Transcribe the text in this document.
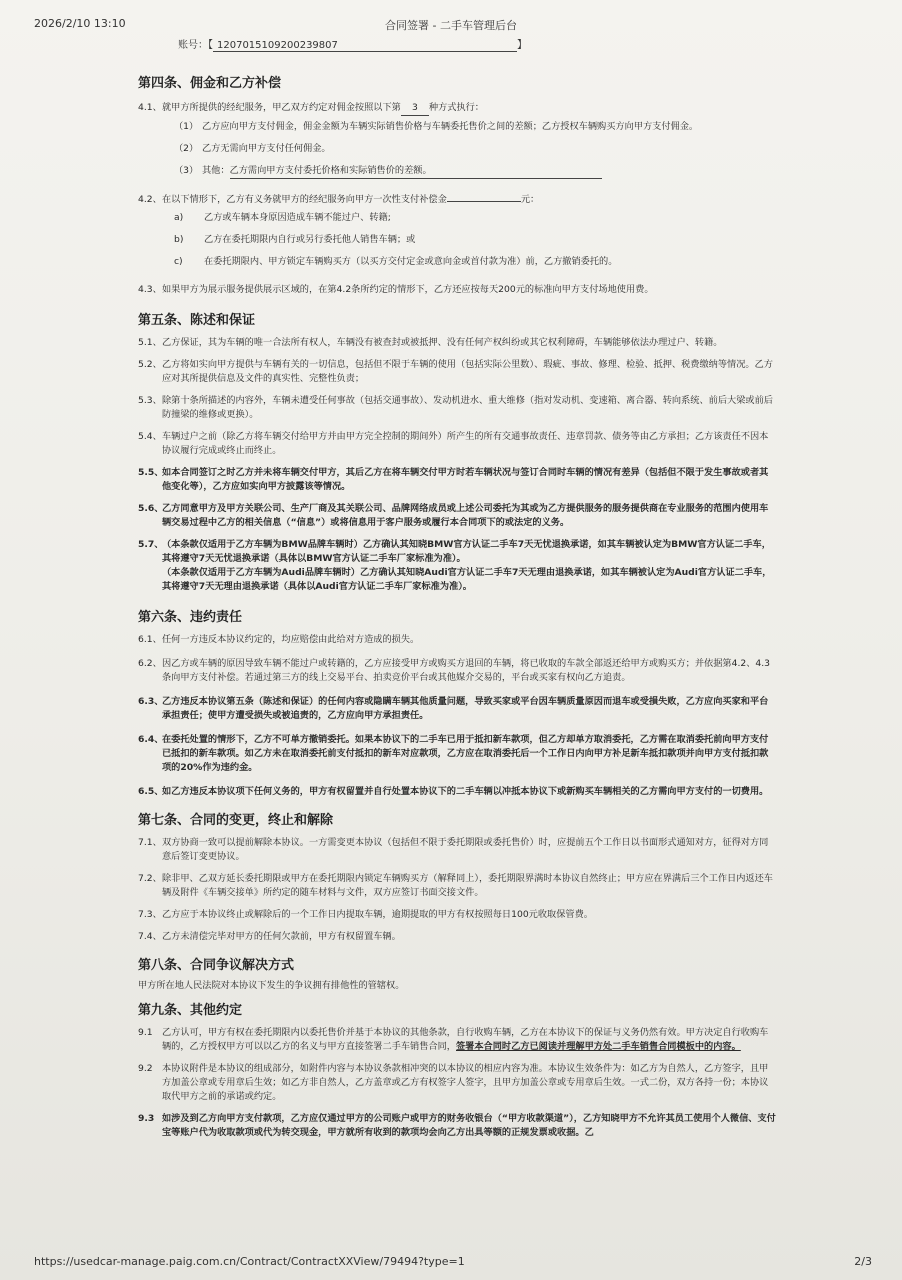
2026/2/10 13:10	合同签署 - 二手车管理后台
账号：【 1207015109200239807	】
第四条、佣金和乙方补偿
4.1、 就甲方所提供的经纪服务，甲乙双方约定对佣金按照以下第 3 种方式执行：
（1） 乙方应向甲方支付佣金，佣金金额为车辆实际销售价格与车辆委托售价之间的差额；乙方授权车辆购买方向甲方支付佣金。
（2） 乙方无需向甲方支付任何佣金。
（3） 其他： 乙方需向甲方支付委托价格和实际销售价的差额。
4.2、 在以下情形下，乙方有义务就甲方的经纪服务向甲方一次性支付补偿金	元：
a)	乙方或车辆本身原因造成车辆不能过户、转籍;
b)	乙方在委托期限内自行或另行委托他人销售车辆；或
c)	在委托期限内、甲方锁定车辆购买方（以买方交付定金或意向金或首付款为准）前，乙方撤销委托的。
4.3、 如果甲方为展示服务提供展示区域的，在第4.2条所约定的情形下，乙方还应按每天200元的标准向甲方支付场地使用费。
第五条、陈述和保证
5.1、 乙方保证，其为车辆的唯一合法所有权人，车辆没有被查封或被抵押、没有任何产权纠纷或其它权利障碍，车辆能够依法办理过户、转籍。
5.2、 乙方将如实向甲方提供与车辆有关的一切信息，包括但不限于车辆的使用（包括实际公里数）、瑕疵、事故、修理、检验、抵押、税费缴纳等情况。乙方应对其所提供信息及文件的真实性、完整性负责；
5.3、 除第十条所描述的内容外，车辆未遭受任何事故（包括交通事故）、发动机进水、重大维修（指对发动机、变速箱、离合器、转向系统、前后大梁或前后防撞梁的维修或更换）。
5.4、 车辆过户之前（除乙方将车辆交付给甲方并由甲方完全控制的期间外）所产生的所有交通事故责任、违章罚款、债务等由乙方承担；乙方该责任不因本协议履行完成或终止而终止。
5.5、
如本合同签订之时乙方并未将车辆交付甲方，其后乙方在将车辆交付甲方时若车辆状况与签订合同时车辆的情况有差异（包括但不限于发生事故或者其他变化等），乙方应如实向甲方披露该等情况。
5.6、
乙方同意甲方及甲方关联公司、生产厂商及其关联公司、品牌网络成员或上述公司委托为其或为乙方提供服务的服务提供商在专业服务的范围内使用车辆交易过程中乙方的相关信息（“信息”）或将信息用于客户服务或履行本合同项下的或法定的义务。
5.7、
（本条款仅适用于乙方车辆为BMW品牌车辆时）乙方确认其知晓BMW官方认证二手车7天无忧退换承诺，如其车辆被认定为BMW官方认证二手车，其将遵守7天无忧退换承诺（具体以BMW官方认证二手车厂家标准为准）。
（本条款仅适用于乙方车辆为Audi品牌车辆时）乙方确认其知晓Audi官方认证二手车7天无理由退换承诺，如其车辆被认定为Audi官方认证二手车，其将遵守7天无理由退换承诺（具体以Audi官方认证二手车厂家标准为准）。
第六条、违约责任
6.1、 任何一方违反本协议约定的，均应赔偿由此给对方造成的损失。
6.2、 因乙方或车辆的原因导致车辆不能过户或转籍的，乙方应接受甲方或购买方退回的车辆，将已收取的车款全部返还给甲方或购买方；并依据第4.2、4.3条向甲方支付补偿。若通过第三方的线上交易平台、拍卖竞价平台或其他媒介交易的，平台或买家有权向乙方追责。
6.3、
乙方违反本协议第五条（陈述和保证）的任何内容或隐瞒车辆其他质量问题，导致买家或平台因车辆质量原因而退车或受損失败，乙方应向买家和平台承担责任；使甲方遭受损失或被追责的，乙方应向甲方承担责任。
6.4、
在委托处置的情形下，乙方不可单方撤销委托。如果本协议下的二手车已用于抵扣新车款项，但乙方却单方取消委托，乙方需在取消委托前向甲方支付已抵扣的新车款项。如乙方未在取消委托前支付抵扣的新车对应款项，乙方应在取消委托后一个工作日内向甲方补足新车抵扣款项并向甲方支付抵扣款项的20%作为违约金。
6.5、
如乙方违反本协议项下任何义务的，甲方有权留置并自行处置本协议下的二手车辆以冲抵本协议下或新购买车辆相关的乙方需向甲方支付的一切费用。
第七条、合同的变更，终止和解除
7.1、 双方协商一致可以提前解除本协议。一方需变更本协议（包括但不限于委托期限或委托售价）时，应提前五个工作日以书面形式通知对方，征得对方同意后签订变更协议。
7.2、 除非甲、乙双方延长委托期限或甲方在委托期限内锁定车辆购买方（解释同上），委托期限界满时本协议自然终止；甲方应在界满后三个工作日内返还车辆及附件《车辆交接单》所约定的随车材料与文件，双方应签订书面交接文件。
7.3、 乙方应于本协议终止或解除后的一个工作日内提取车辆，逾期提取的甲方有权按照每日100元收取保管费。
7.4、 乙方未清偿完毕对甲方的任何欠款前，甲方有权留置车辆。
第八条、合同争议解决方式
甲方所在地人民法院对本协议下发生的争议拥有排他性的管辖权。
第九条、其他约定
9.1	乙方认可，甲方有权在委托期限内以委托售价并基于本协议的其他条款，自行收购车辆，乙方在本协议下的保证与义务仍然有效。甲方决定自行收购车辆的，乙方授权甲方可以以乙方的名义与甲方直接签署二手车销售合同，签署本合同时乙方已阅读并理解甲方处二手车销售合同模板中的内容。
9.2	本协议附件是本协议的组成部分，如附件内容与本协议条款相冲突的以本协议的相应内容为准。本协议生效条件为：如乙方为自然人，乙方签字，且甲方加盖公章或专用章后生效；如乙方非自然人，乙方盖章或乙方有权签字人签字，且甲方加盖公章或专用章后生效。一式二份，双方各持一份；本协议取代甲方之前的承诺或约定。
9.3 如涉及到乙方向甲方支付款项，乙方应仅通过甲方的公司账户或甲方的财务收银台（“甲方收款渠道”），乙方知晓甲方不允许其员工使用个人微信、支付宝等账户代为收取款项或代为转交现金，甲方就所有收到的款项均会向乙方出具等额的正规发票或收据。乙
https://usedcar-manage.paig.com.cn/Contract/ContractXXView/79494?type=1	2/3
